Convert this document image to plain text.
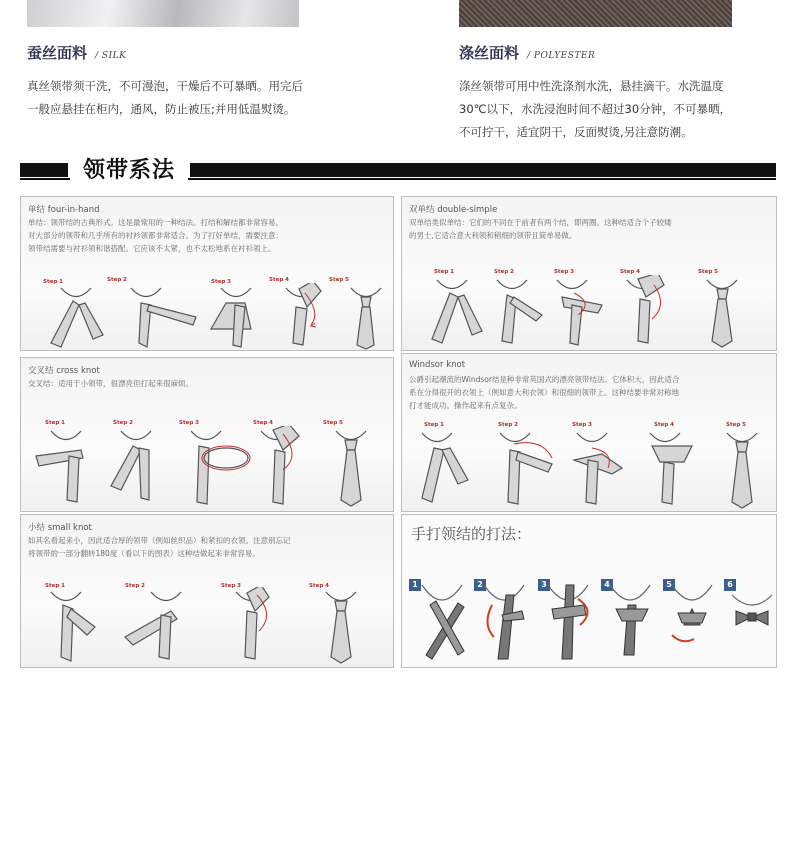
蚕丝面料 / SILK	涤丝面料 / POLYESTER
真丝领带须干洗，不可漫泡，干燥后不可暴晒。用完后
一般应悬挂在柜内，通风，防止被压;并用低温熨烫。
涤丝领带可用中性洗涤剂水洗，悬挂滴干。水洗温度
30℃以下，水洗浸泡时间不超过30分钟，不可暴晒，
不可拧干，适宜阴干，反面熨烫,另注意防潮。
领带系法
单结 four-in-hand
单结：领带结的古典形式。这是最常用的一种结法。打结和解结都非常容易。
对大部分的领带和几乎所有的衬衫领都非常适合。为了打好单结，需要注意：
领带结需要与衬衫领和谐搭配。它应该不太紧，也不太松地系在衬衫领上。
Step 1	Step 2	Step 3	Step 4	Step 5
双单结 double-simple
双单结类似单结：它们的不同在于前者有两个结，即两圈。这种结适合个子较矮
的男士,它适合意大利领和稍细的领带且简单易做。
Step 1	Step 2	Step 3	Step 4	Step 5
交叉结 cross knot
交叉结：适用于小领带，很漂亮但打起来很麻烦。
Step 1	Step 2	Step 3	Step 4	Step 5
Windsor knot
公爵引起潮流的Windsor结是种非常英国式的漂亮领带结法。它体积大，因此适合
系在分得很开的衣领上（例如意大利衣领）和很细的领带上。这种结要非常对称地
打才能成功。操作起来有点复杂。
Step 1	Step 2	Step 3	Step 4	Step 5
小结 small knot
如其名看起来小，因此适合厚的领带（例如丝织品）和紧扣的衣领。注意别忘记
将领带的一部分翻转180度（看以下的图表）这种结做起来非常容易。
Step 1	Step 2	Step 3	Step 4
手打领结的打法：
1	2	3	4	5	6
